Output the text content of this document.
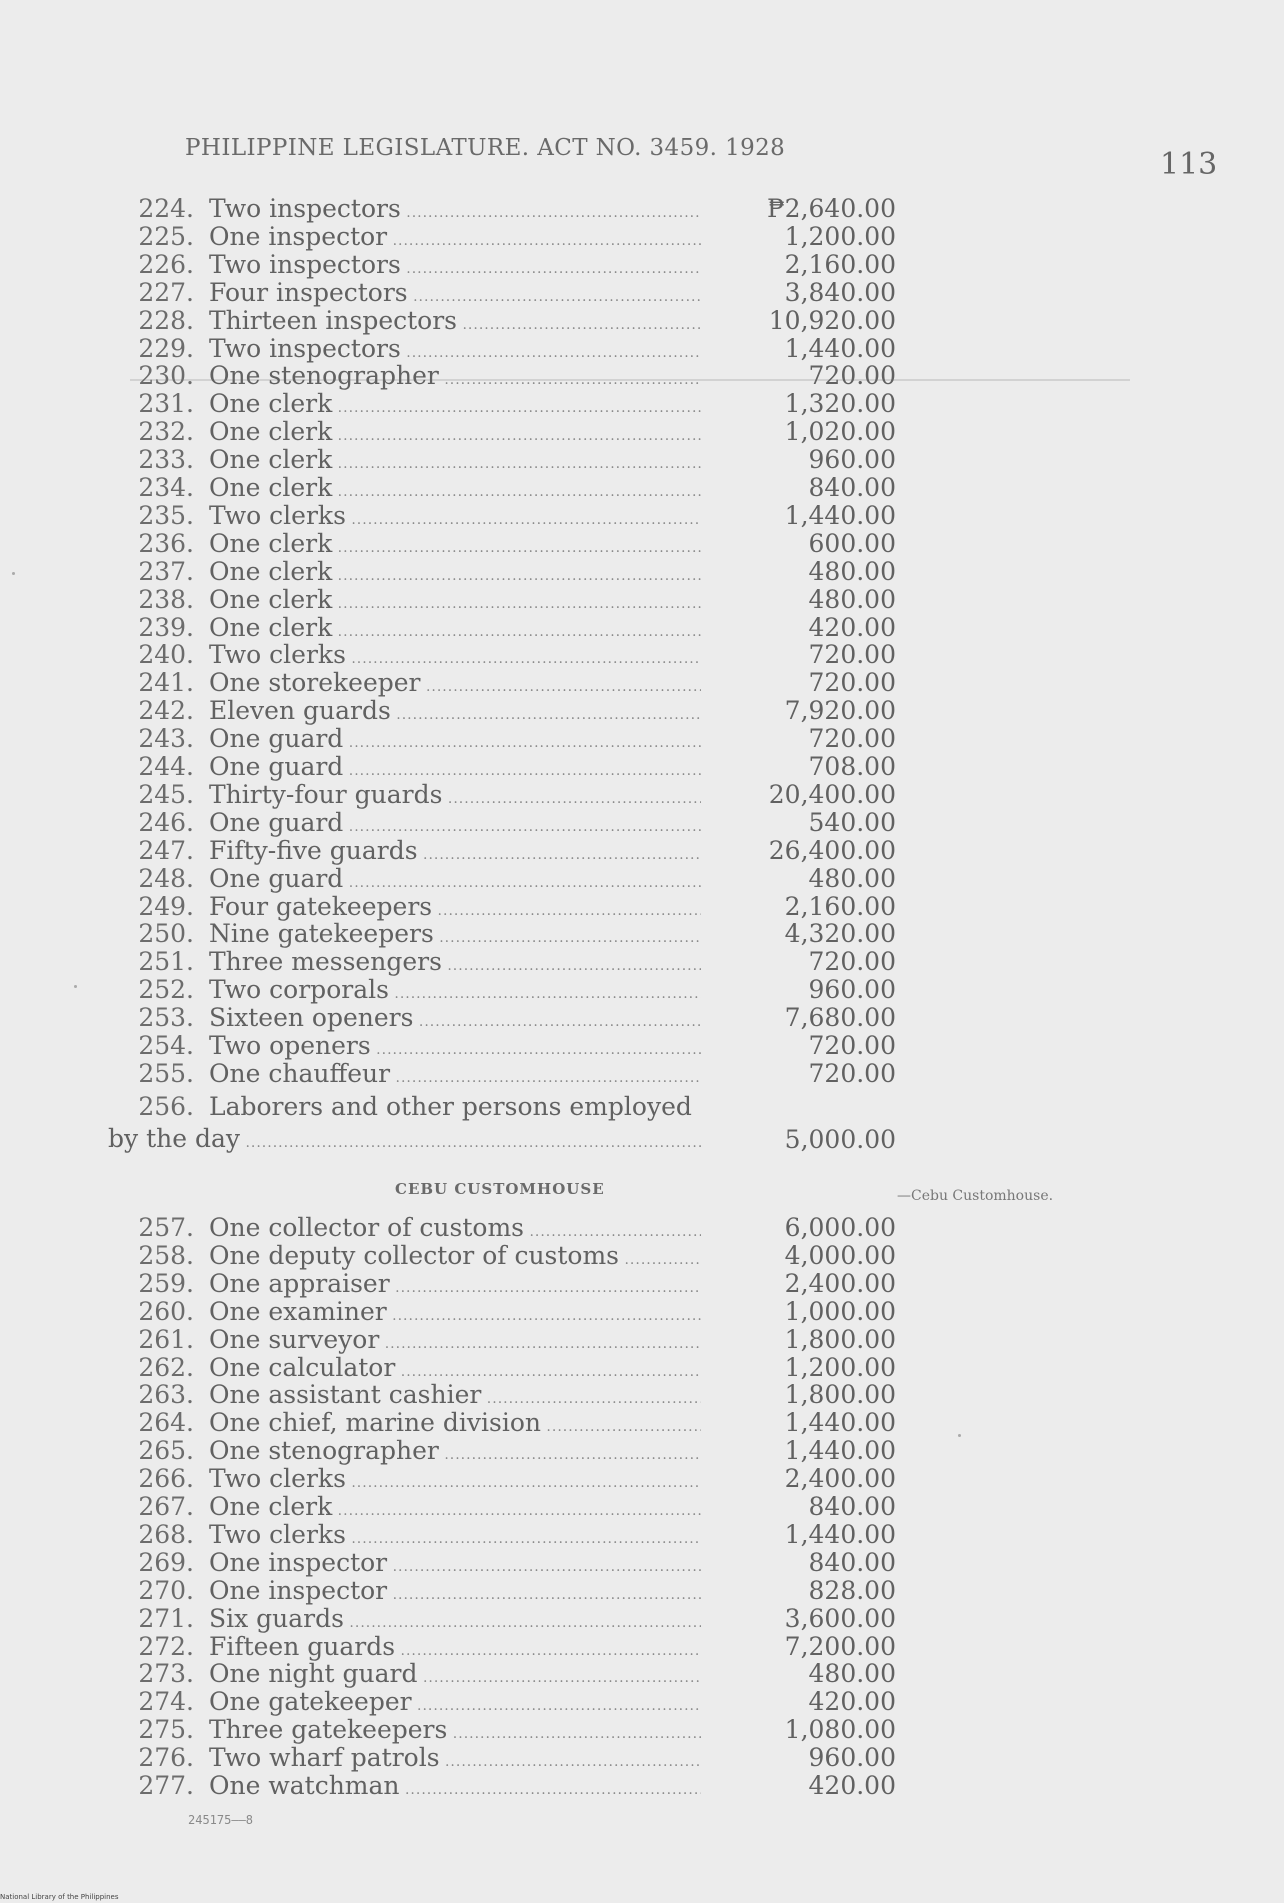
PHILIPPINE LEGISLATURE. ACT NO. 3459. 1928	113
224. Two inspectors .....	₱2,640.00
225. One inspector .....	1,200.00
226. Two inspectors .....	2,160.00
227. Four inspectors .....	3,840.00
228. Thirteen inspectors .....	10,920.00
229. Two inspectors .....	1,440.00
230. One stenographer .....	720.00
231. One clerk .....	1,320.00
232. One clerk .....	1,020.00
233. One clerk .....	960.00
234. One clerk .....	840.00
235. Two clerks .....	1,440.00
236. One clerk .....	600.00
237. One clerk .....	480.00
238. One clerk .....	480.00
239. One clerk .....	420.00
240. Two clerks .....	720.00
241. One storekeeper .....	720.00
242. Eleven guards .....	7,920.00
243. One guard .....	720.00
244. One guard .....	708.00
245. Thirty-four guards .....	20,400.00
246. One guard .....	540.00
247. Fifty-five guards .....	26,400.00
248. One guard .....	480.00
249. Four gatekeepers .....	2,160.00
250. Nine gatekeepers .....	4,320.00
251. Three messengers .....	720.00
252. Two corporals .....	960.00
253. Sixteen openers .....	7,680.00
254. Two openers .....	720.00
255. One chauffeur .....	720.00
256. Laborers and other persons employed
by the day .....	5,000.00
CEBU CUSTOMHOUSE	—Cebu Customhouse.
257. One collector of customs .....	6,000.00
258. One deputy collector of customs .....	4,000.00
259. One appraiser .....	2,400.00
260. One examiner .....	1,000.00
261. One surveyor .....	1,800.00
262. One calculator .....	1,200.00
263. One assistant cashier .....	1,800.00
264. One chief, marine division .....	1,440.00
265. One stenographer .....	1,440.00
266. Two clerks .....	2,400.00
267. One clerk .....	840.00
268. Two clerks .....	1,440.00
269. One inspector .....	840.00
270. One inspector .....	828.00
271. Six guards .....	3,600.00
272. Fifteen guards .....	7,200.00
273. One night guard .....	480.00
274. One gatekeeper .....	420.00
275. Three gatekeepers .....	1,080.00
276. Two wharf patrols .....	960.00
277. One watchman .....	420.00
245175——8
National Library of the Philippines
